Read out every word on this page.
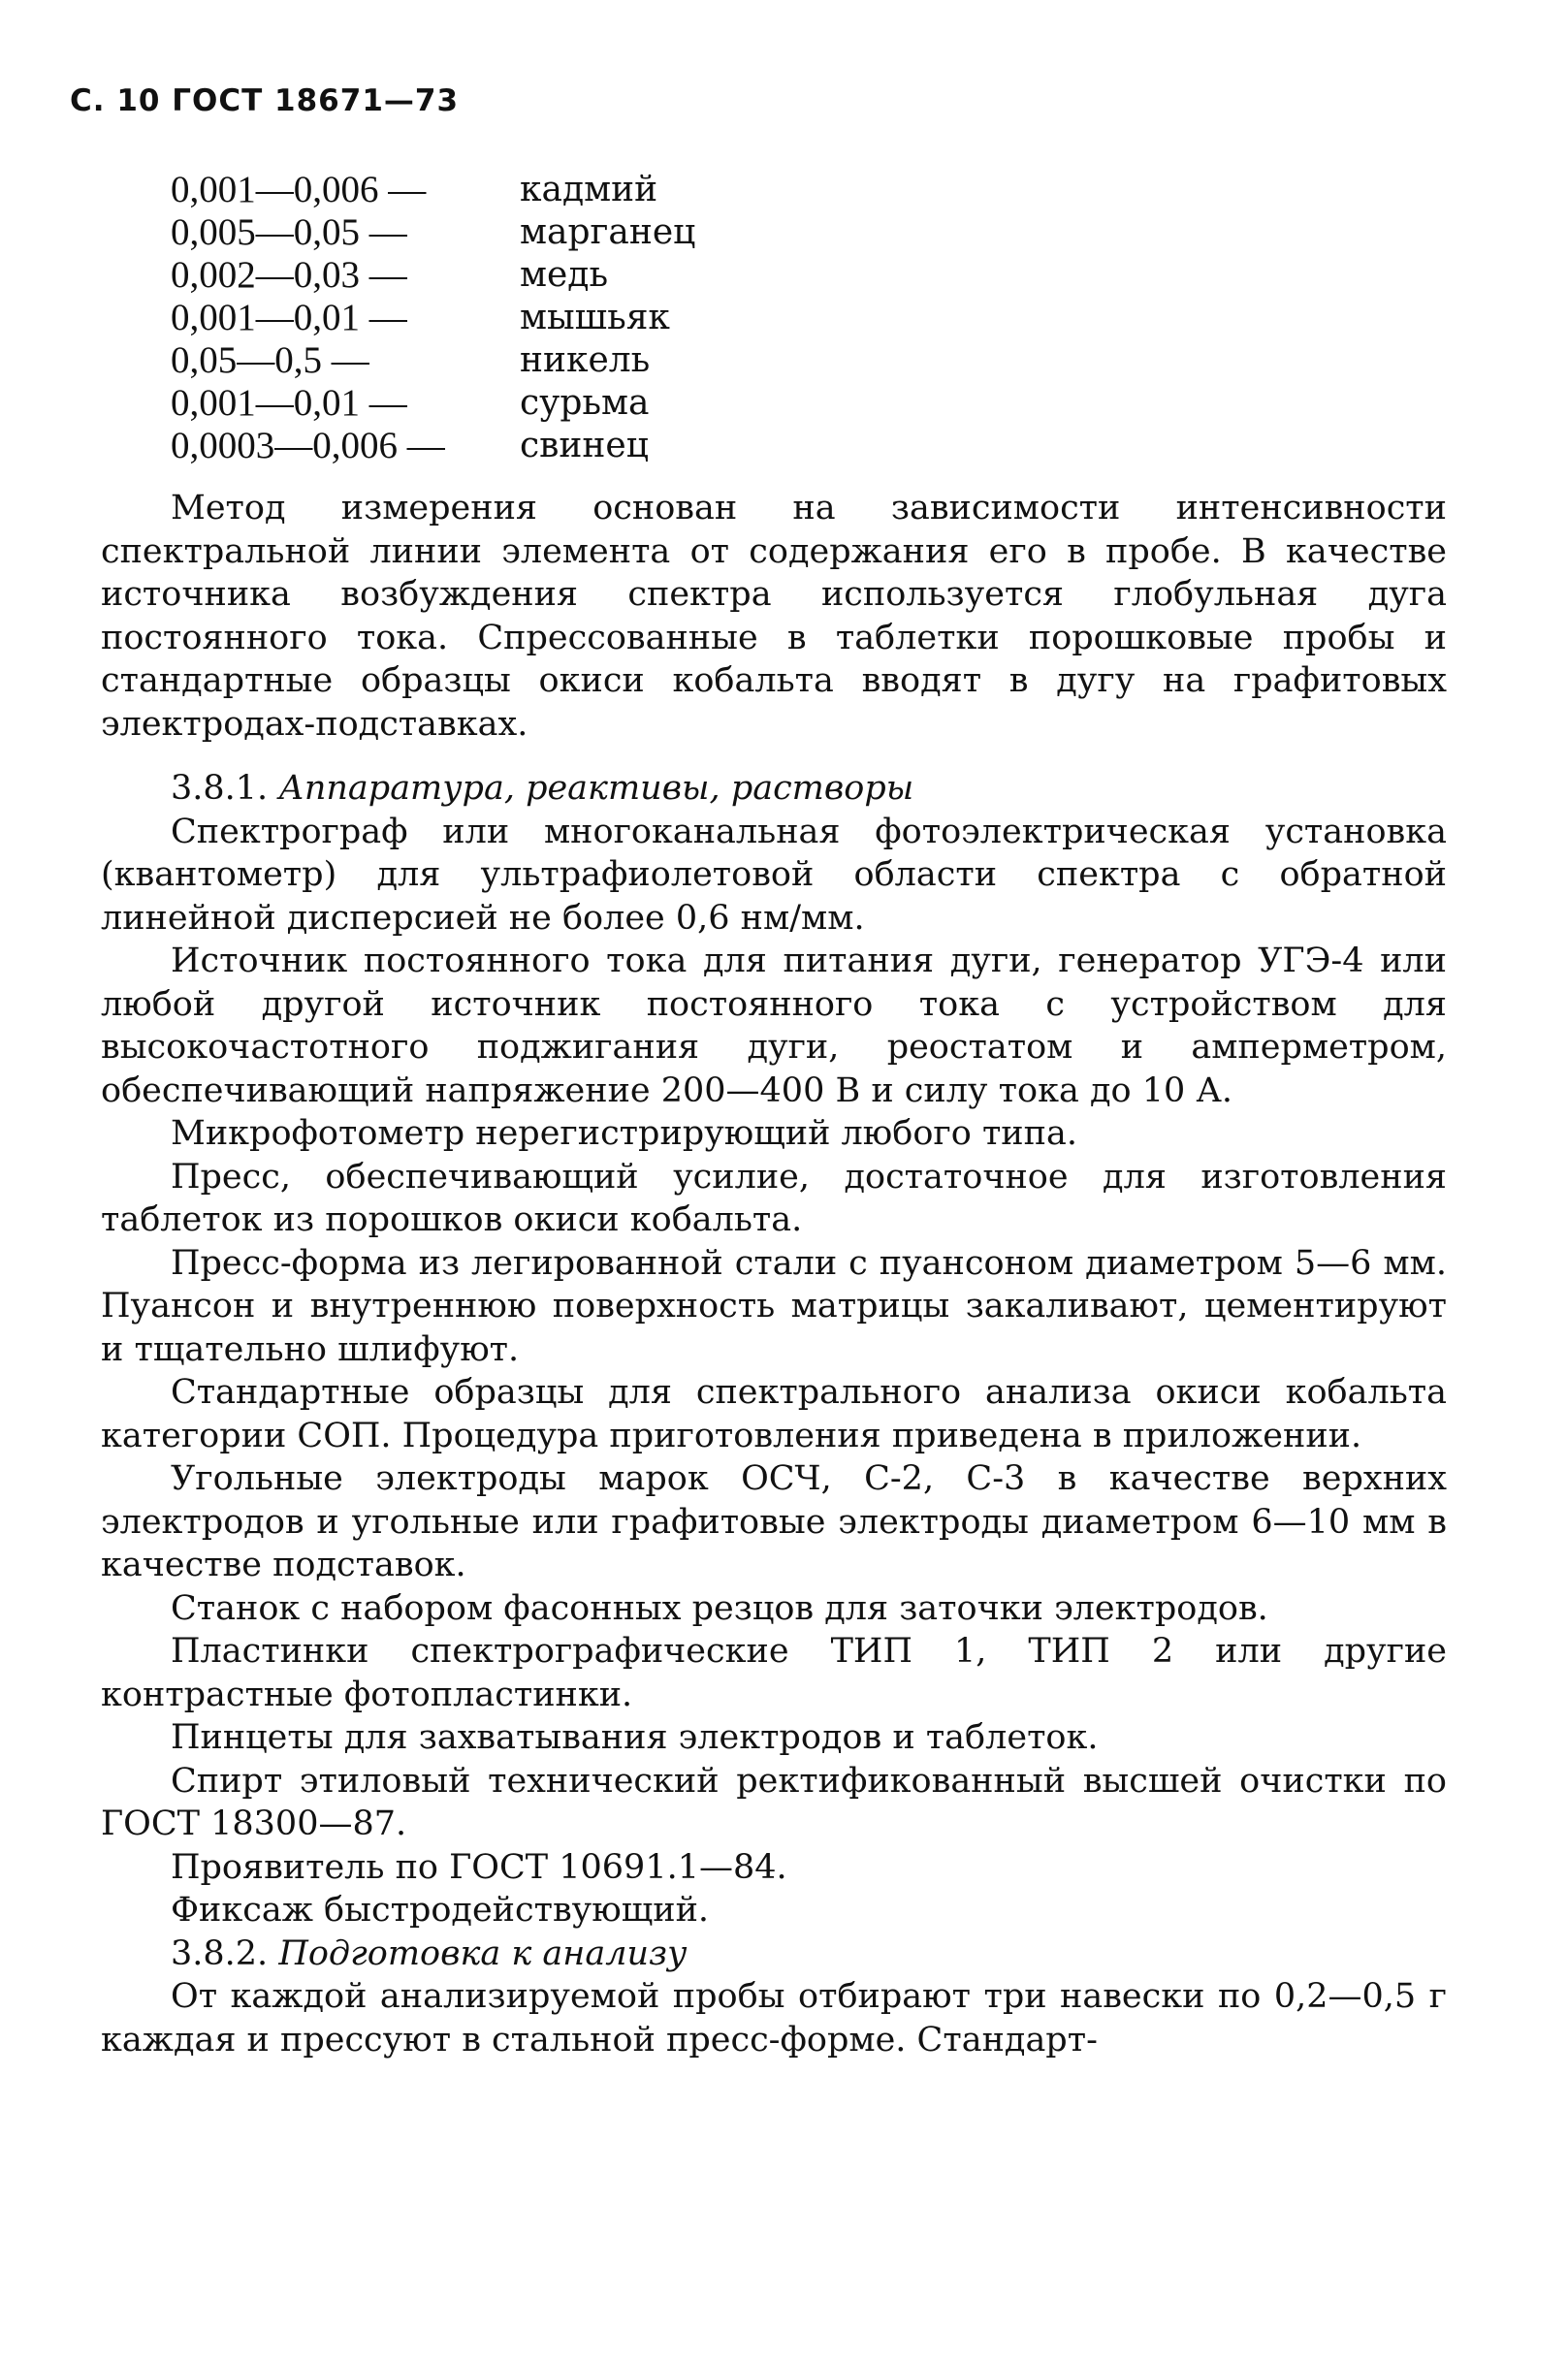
С. 10 ГОСТ 18671—73
0,001—0,006 —	кадмий
0,005—0,05 —	марганец
0,002—0,03 —	медь
0,001—0,01 —	мышьяк
0,05—0,5 —	никель
0,001—0,01 —	сурьма
0,0003—0,006 —	свинец

Метод измерения основан на зависимости интенсивности спектральной линии элемента от содержания его в пробе. В качестве источника возбуждения спектра используется глобульная дуга постоянного тока. Спрессованные в таблетки порошковые пробы и стандартные образцы окиси кобальта вводят в дугу на графитовых электродах-подставках.

3.8.1. Аппаратура, реактивы, растворы

Спектрограф или многоканальная фотоэлектрическая установка (квантометр) для ультрафиолетовой области спектра с обратной линейной дисперсией не более 0,6 нм/мм.

Источник постоянного тока для питания дуги, генератор УГЭ-4 или любой другой источник постоянного тока с устройством для высокочастотного поджигания дуги, реостатом и амперметром, обеспечивающий напряжение 200—400 В и силу тока до 10 А.

Микрофотометр нерегистрирующий любого типа.

Пресс, обеспечивающий усилие, достаточное для изготовления таблеток из порошков окиси кобальта.

Пресс-форма из легированной стали с пуансоном диаметром 5—6 мм. Пуансон и внутреннюю поверхность матрицы закаливают, цементируют и тщательно шлифуют.

Стандартные образцы для спектрального анализа окиси кобальта категории СОП. Процедура приготовления приведена в приложении.

Угольные электроды марок ОСЧ, С-2, С-3 в качестве верхних электродов и угольные или графитовые электроды диаметром 6—10 мм в качестве подставок.

Станок с набором фасонных резцов для заточки электродов.

Пластинки спектрографические ТИП 1, ТИП 2 или другие контрастные фотопластинки.

Пинцеты для захватывания электродов и таблеток.

Спирт этиловый технический ректификованный высшей очистки по ГОСТ 18300—87.

Проявитель по ГОСТ 10691.1—84.

Фиксаж быстродействующий.

3.8.2. Подготовка к анализу

От каждой анализируемой пробы отбирают три навески по 0,2—0,5 г каждая и прессуют в стальной пресс-форме. Стандарт-
